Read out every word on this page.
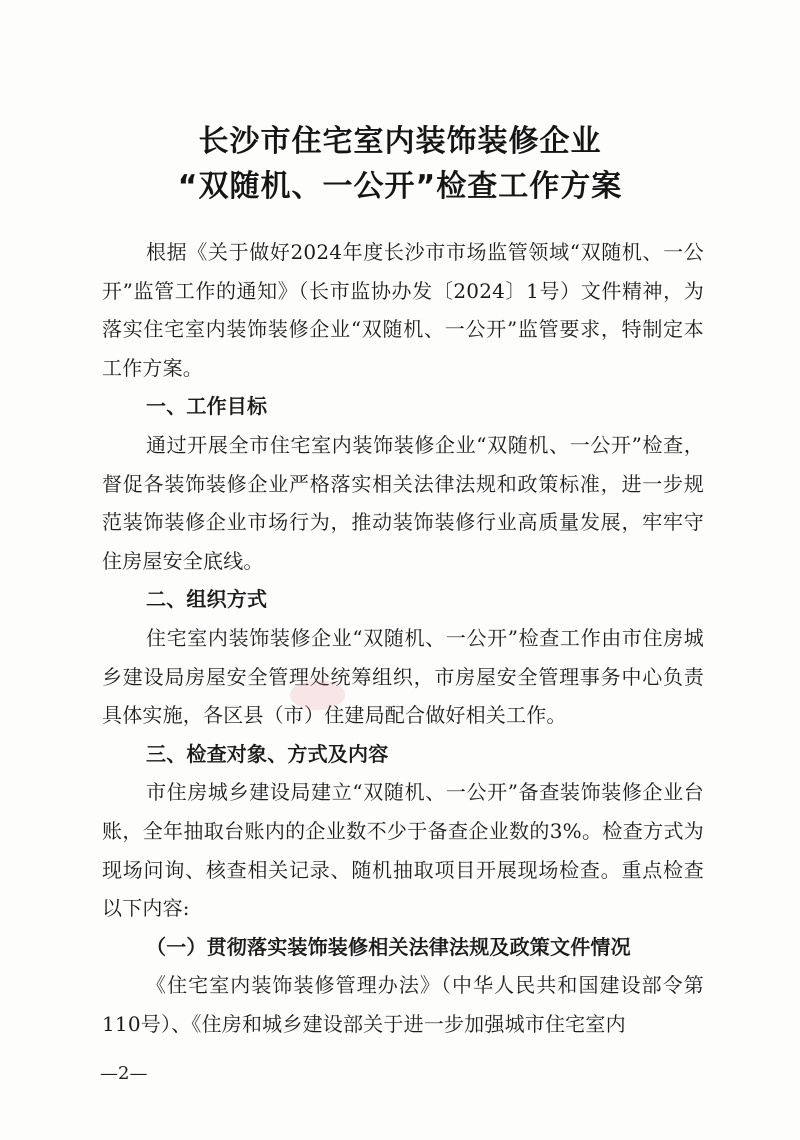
长沙市住宅室内装饰装修企业
“双随机、一公开”检查工作方案

根据《关于做好2024年度长沙市市场监管领域“双随机、一公开”监管工作的通知》（长市监协办发〔2024〕1号）文件精神，为落实住宅室内装饰装修企业“双随机、一公开”监管要求，特制定本工作方案。

一、工作目标

通过开展全市住宅室内装饰装修企业“双随机、一公开”检查，督促各装饰装修企业严格落实相关法律法规和政策标准，进一步规范装饰装修企业市场行为，推动装饰装修行业高质量发展，牢牢守住房屋安全底线。

二、组织方式

住宅室内装饰装修企业“双随机、一公开”检查工作由市住房城乡建设局房屋安全管理处统筹组织，市房屋安全管理事务中心负责具体实施，各区县（市）住建局配合做好相关工作。

三、检查对象、方式及内容

市住房城乡建设局建立“双随机、一公开”备查装饰装修企业台账，全年抽取台账内的企业数不少于备查企业数的3%。检查方式为现场问询、核查相关记录、随机抽取项目开展现场检查。重点检查以下内容:

（一）贯彻落实装饰装修相关法律法规及政策文件情况

《住宅室内装饰装修管理办法》（中华人民共和国建设部令第110号）、《住房和城乡建设部关于进一步加强城市住宅室内

—2—
